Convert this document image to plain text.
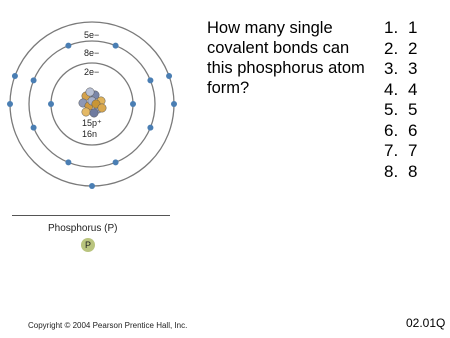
5e−
8e−
2e−
15p⁺
16n
How many single covalent bonds can this phosphorus atom form?
1. 1
2. 2
3. 3
4. 4
5. 5
6. 6
7. 7
8. 8
Phosphorus (P)
P
Copyright © 2004 Pearson Prentice Hall, Inc.	02.01Q
